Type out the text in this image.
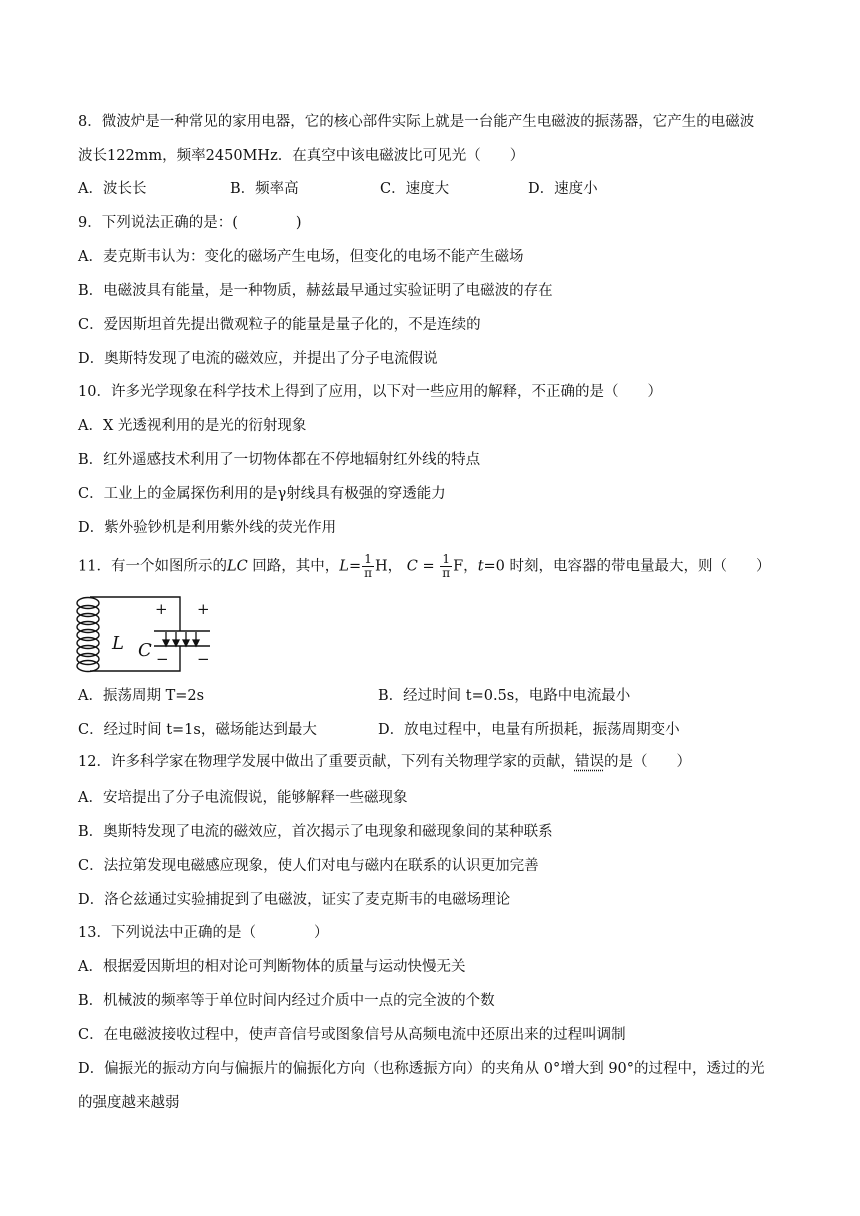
8．微波炉是一种常见的家用电器，它的核心部件实际上就是一台能产生电磁波的振荡器，它产生的电磁波
波长122mm，频率2450MHz．在真空中该电磁波比可见光（　　）
A．波长长	B．频率高	C．速度大	D．速度小
9．下列说法正确的是：(　　　　)
A．麦克斯韦认为：变化的磁场产生电场，但变化的电场不能产生磁场
B．电磁波具有能量，是一种物质，赫兹最早通过实验证明了电磁波的存在
C．爱因斯坦首先提出微观粒子的能量是量子化的，不是连续的
D．奥斯特发现了电流的磁效应，并提出了分子电流假说
10．许多光学现象在科学技术上得到了应用，以下对一些应用的解释，不正确的是（　　）
A．X 光透视利用的是光的衍射现象
B．红外遥感技术利用了一切物体都在不停地辐射红外线的特点
C．工业上的金属探伤利用的是γ射线具有极强的穿透能力
D．紫外验钞机是利用紫外线的荧光作用
11．有一个如图所示的LC 回路，其中，$L= \frac{1}{\pi}$ H， $C = \frac{1}{\pi}$ F，t=0 时刻，电容器的带电量最大，则（　　）
+ +
− −
L C
A．振荡周期 T=2s	B．经过时间 t=0.5s，电路中电流最小
C．经过时间 t=1s，磁场能达到最大	D．放电过程中，电量有所损耗，振荡周期变小
12．许多科学家在物理学发展中做出了重要贡献，下列有关物理学家的贡献，错误的是（　　）
A．安培提出了分子电流假说，能够解释一些磁现象
B．奥斯特发现了电流的磁效应，首次揭示了电现象和磁现象间的某种联系
C．法拉第发现电磁感应现象，使人们对电与磁内在联系的认识更加完善
D．洛仑兹通过实验捕捉到了电磁波，证实了麦克斯韦的电磁场理论
13．下列说法中正确的是（　　　　）
A．根据爱因斯坦的相对论可判断物体的质量与运动快慢无关
B．机械波的频率等于单位时间内经过介质中一点的完全波的个数
C．在电磁波接收过程中，使声音信号或图象信号从高频电流中还原出来的过程叫调制
D．偏振光的振动方向与偏振片的偏振化方向（也称透振方向）的夹角从 0°增大到 90°的过程中，透过的光
的强度越来越弱
